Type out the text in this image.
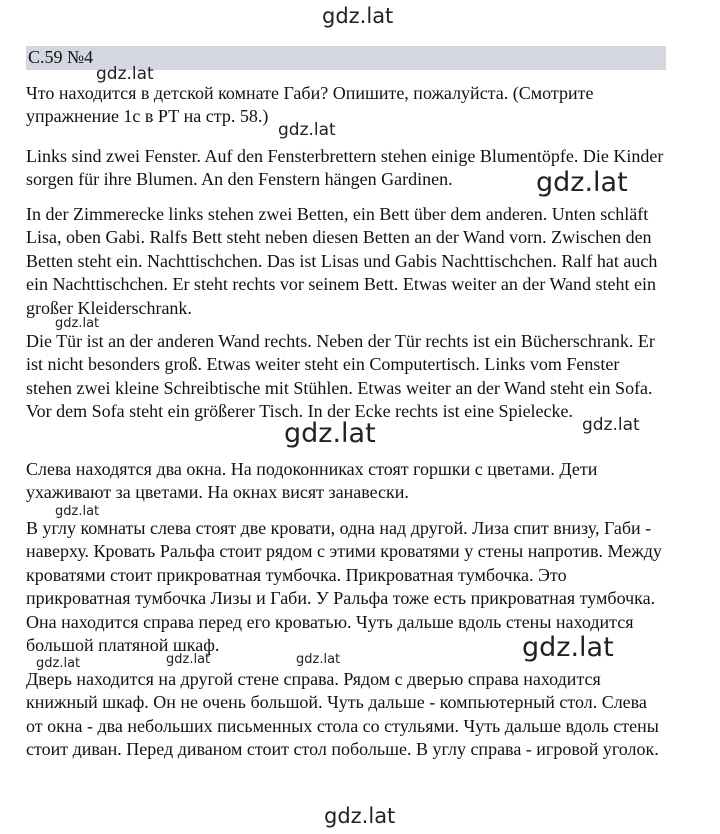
gdz.lat
С.59 №4

Что находится в детской комнате Габи? Опишите, пожалуйста. (Смотрите упражнение 1с в РТ на стр. 58.)

Links sind zwei Fenster. Auf den Fensterbrettern stehen einige Blumentöpfe. Die Kinder sorgen für ihre Blumen. An den Fenstern hängen Gardinen.

In der Zimmerecke links stehen zwei Betten, ein Bett über dem anderen. Unten schläft Lisa, oben Gabi. Ralfs Bett steht neben diesen Betten an der Wand vorn. Zwischen den Betten steht ein. Nachttischchen. Das ist Lisas und Gabis Nachttischchen. Ralf hat auch ein Nachttischchen. Er steht rechts vor seinem Bett. Etwas weiter an der Wand steht ein großer Kleiderschrank.

Die Tür ist an der anderen Wand rechts. Neben der Tür rechts ist ein Bücherschrank. Er ist nicht besonders groß. Etwas weiter steht ein Computertisch. Links vom Fenster stehen zwei kleine Schreibtische mit Stühlen. Etwas weiter an der Wand steht ein Sofa. Vor dem Sofa steht ein größerer Tisch. In der Ecke rechts ist eine Spielecke.

Слева находятся два окна. На подоконниках стоят горшки с цветами. Дети ухаживают за цветами. На окнах висят занавески.

В углу комнаты слева стоят две кровати, одна над другой. Лиза спит внизу, Габи - наверху. Кровать Ральфа стоит рядом с этими кроватями у стены напротив. Между кроватями стоит прикроватная тумбочка. Прикроватная тумбочка. Это прикроватная тумбочка Лизы и Габи. У Ральфа тоже есть прикроватная тумбочка. Она находится справа перед его кроватью. Чуть дальше вдоль стены находится большой платяной шкаф.

Дверь находится на другой стене справа. Рядом с дверью справа находится книжный шкаф. Он не очень большой. Чуть дальше - компьютерный стол. Слева от окна - два небольших письменных стола со стульями. Чуть дальше вдоль стены стоит диван. Перед диваном стоит стол побольше. В углу справа - игровой уголок.

gdz.lat
gdz.lat
gdz.lat
gdz.lat
gdz.lat	gdz.lat
gdz.lat
gdz.lat
gdz.lat	gdz.lat	gdz.lat
gdz.lat
